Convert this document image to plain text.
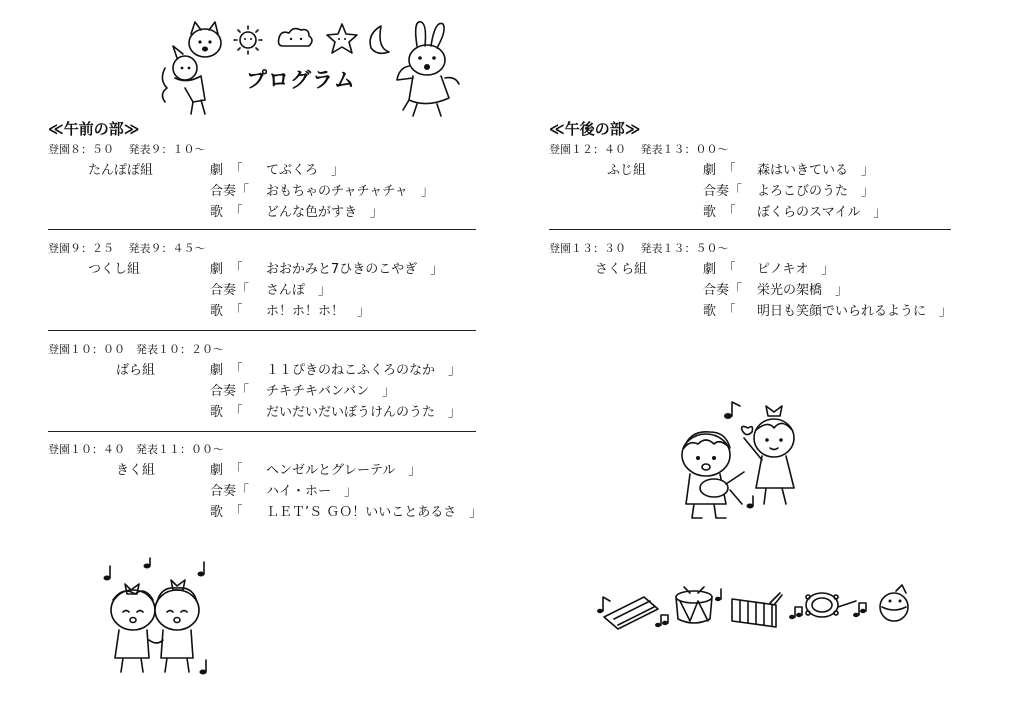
プログラム
≪午前の部≫
登園８：５０　 発表９：１０～
たんぽぽ組	劇　「 てぶくろ　」
合奏「 おもちゃのチャチャチャ　」
歌　「 どんな色がすき　」
登園９：２５　 発表９：４５～
つくし組	劇　「 おおかみと7ひきのこやぎ　」
合奏「 さんぽ　」
歌　「 ホ！ホ！ホ！　」
登園１０：００　発表１０：２０～
ばら組	劇　「 １１ぴきのねこふくろのなか　」
合奏「 チキチキバンバン　」
歌　「 だいだいだいぼうけんのうた　」
登園１０：４０　発表１１：００～
きく組	劇　「 ヘンゼルとグレーテル　」
合奏「 ハイ・ホー　」
歌　「 ＬＥＴ’Ｓ ＧＯ！いいことあるさ　」
≪午後の部≫
登園１２：４０　 発表１３：００～
ふじ組	劇　「 森はいきている　」
合奏「 よろこびのうた　」
歌　「 ぼくらのスマイル　」
登園１３：３０　 発表１３：５０～
さくら組	劇　「 ピノキオ　」
合奏「 栄光の架橋　」
歌　「 明日も笑顔でいられるように　」
